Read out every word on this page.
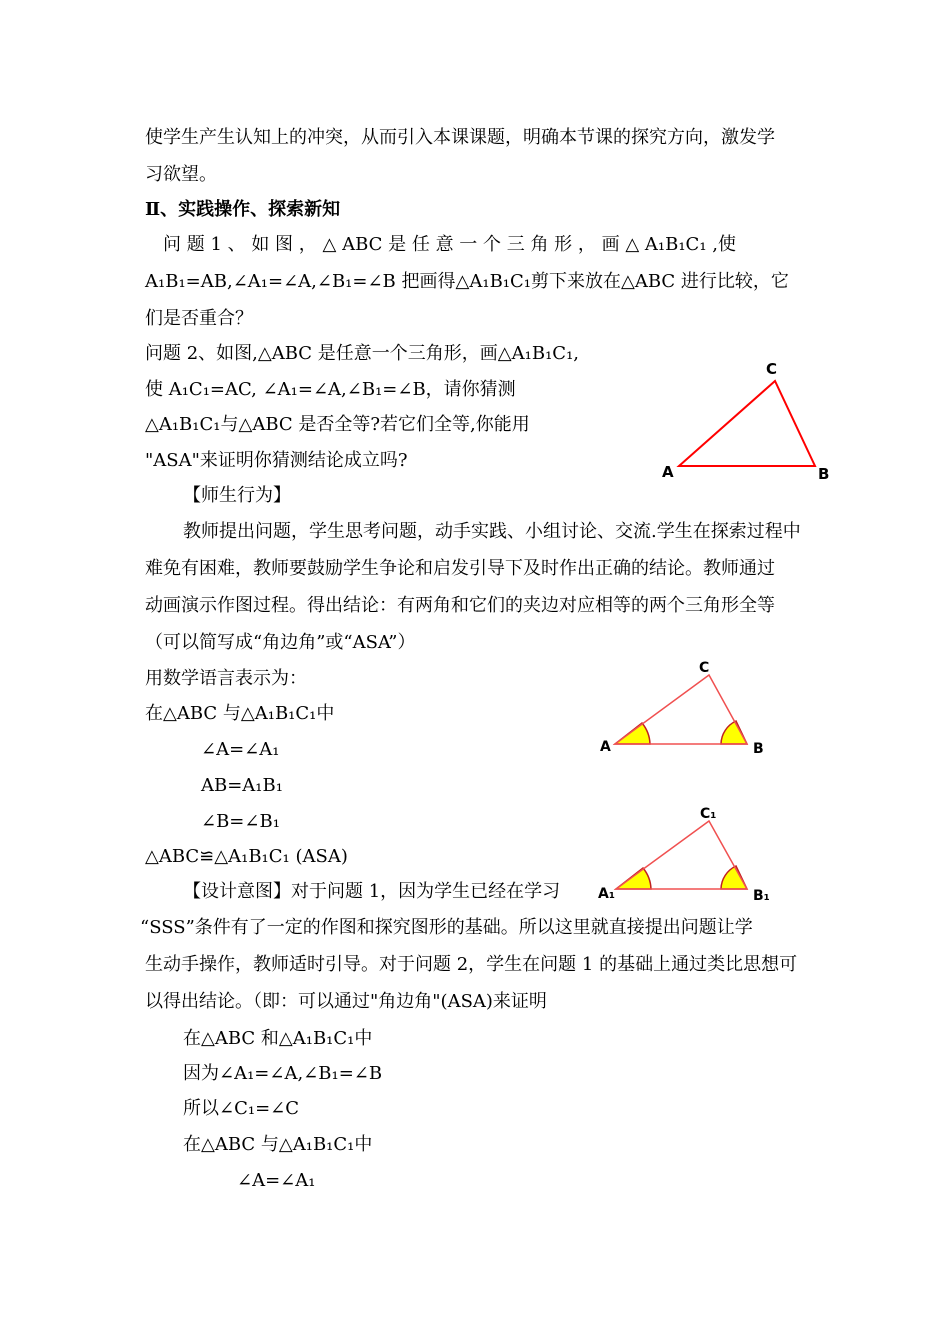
使学生产生认知上的冲突，从而引入本课课题，明确本节课的探究方向，激发学
习欲望。
Ⅱ、实践操作、探索新知
问 题 1 、 如 图 ， △ ABC 是 任 意 一 个 三 角 形 ， 画 △ A₁B₁C₁ ,使
A₁B₁=AB,∠A₁=∠A,∠B₁=∠B 把画得△A₁B₁C₁剪下来放在△ABC 进行比较，它
们是否重合？
问题 2、如图,△ABC 是任意一个三角形，画△A₁B₁C₁,
使 A₁C₁=AC, ∠A₁=∠A,∠B₁=∠B，请你猜测
△A₁B₁C₁与△ABC 是否全等?若它们全等,你能用
"ASA"来证明你猜测结论成立吗?
A	B
C
【师生行为】
教师提出问题，学生思考问题，动手实践、小组讨论、交流.学生在探索过程中
难免有困难，教师要鼓励学生争论和启发引导下及时作出正确的结论。教师通过
动画演示作图过程。得出结论：有两角和它们的夹边对应相等的两个三角形全等
（可以简写成“角边角”或“ASA”）
用数学语言表示为：
在△ABC 与△A₁B₁C₁中
∠A=∠A₁
AB=A₁B₁
∠B=∠B₁
△ABC≌△A₁B₁C₁ (ASA)
A	B
C
A₁	B₁
C₁
【设计意图】对于问题 1，因为学生已经在学习
“SSS”条件有了一定的作图和探究图形的基础。所以这里就直接提出问题让学
生动手操作，教师适时引导。对于问题 2，学生在问题 1 的基础上通过类比思想可
以得出结论。（即：可以通过"角边角"(ASA)来证明
在△ABC 和△A₁B₁C₁中
因为∠A₁=∠A,∠B₁=∠B
所以∠C₁=∠C
在△ABC 与△A₁B₁C₁中
∠A=∠A₁
